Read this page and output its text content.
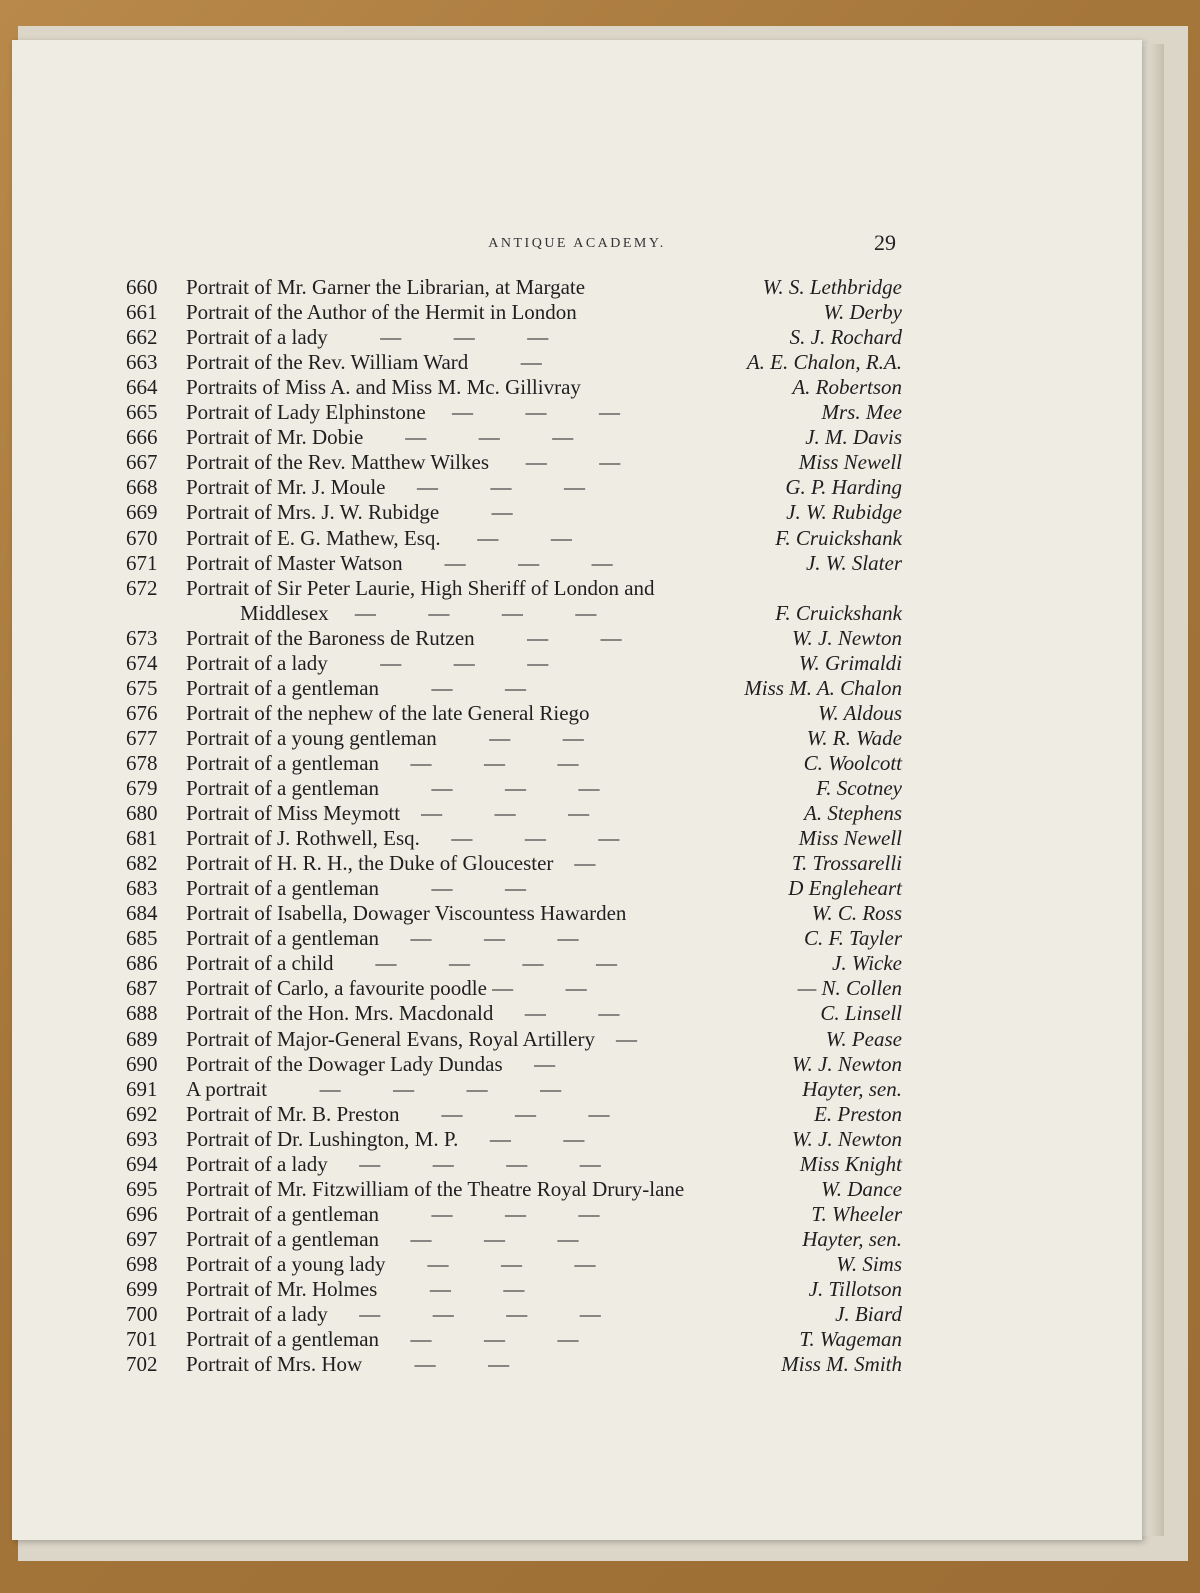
ANTIQUE ACADEMY.	29
660	Portrait of Mr. Garner the Librarian, at Margate	W. S. Lethbridge
661	Portrait of the Author of the Hermit in London	W. Derby
662	Portrait of a lady          —          —          —	S. J. Rochard
663	Portrait of the Rev. William Ward          —	A. E. Chalon, R.A.
664	Portraits of Miss A. and Miss M. Mc. Gillivray	A. Robertson
665	Portrait of Lady Elphinstone     —          —          —	Mrs. Mee
666	Portrait of Mr. Dobie        —          —          —	J. M. Davis
667	Portrait of the Rev. Matthew Wilkes       —          —	Miss Newell
668	Portrait of Mr. J. Moule      —          —          —	G. P. Harding
669	Portrait of Mrs. J. W. Rubidge          —	J. W. Rubidge
670	Portrait of E. G. Mathew, Esq.       —          —	F. Cruickshank
671	Portrait of Master Watson        —          —          —	J. W. Slater
672	Portrait of Sir Peter Laurie, High Sheriff of London and
Middlesex     —          —          —          —	F. Cruickshank
673	Portrait of the Baroness de Rutzen          —          —	W. J. Newton
674	Portrait of a lady          —          —          —	W. Grimaldi
675	Portrait of a gentleman          —          —	Miss M. A. Chalon
676	Portrait of the nephew of the late General Riego	W. Aldous
677	Portrait of a young gentleman          —          —	W. R. Wade
678	Portrait of a gentleman      —          —          —	C. Woolcott
679	Portrait of a gentleman          —          —          —	F. Scotney
680	Portrait of Miss Meymott    —          —          —	A. Stephens
681	Portrait of J. Rothwell, Esq.      —          —          —	Miss Newell
682	Portrait of H. R. H., the Duke of Gloucester    —	T. Trossarelli
683	Portrait of a gentleman          —          —	D Engleheart
684	Portrait of Isabella, Dowager Viscountess Hawarden	W. C. Ross
685	Portrait of a gentleman      —          —          —	C. F. Tayler
686	Portrait of a child        —          —          —          —	J. Wicke
687	Portrait of Carlo, a favourite poodle —          —	— N. Collen
688	Portrait of the Hon. Mrs. Macdonald      —          —	C. Linsell
689	Portrait of Major-General Evans, Royal Artillery    —	W. Pease
690	Portrait of the Dowager Lady Dundas      —	W. J. Newton
691	A portrait          —          —          —          —	Hayter, sen.
692	Portrait of Mr. B. Preston        —          —          —	E. Preston
693	Portrait of Dr. Lushington, M. P.      —          —	W. J. Newton
694	Portrait of a lady      —          —          —          —	Miss Knight
695	Portrait of Mr. Fitzwilliam of the Theatre Royal Drury-lane	W. Dance
696	Portrait of a gentleman          —          —          —	T. Wheeler
697	Portrait of a gentleman      —          —          —	Hayter, sen.
698	Portrait of a young lady        —          —          —	W. Sims
699	Portrait of Mr. Holmes          —          —	J. Tillotson
700	Portrait of a lady      —          —          —          —	J. Biard
701	Portrait of a gentleman      —          —          —	T. Wageman
702	Portrait of Mrs. How          —          —	Miss M. Smith
